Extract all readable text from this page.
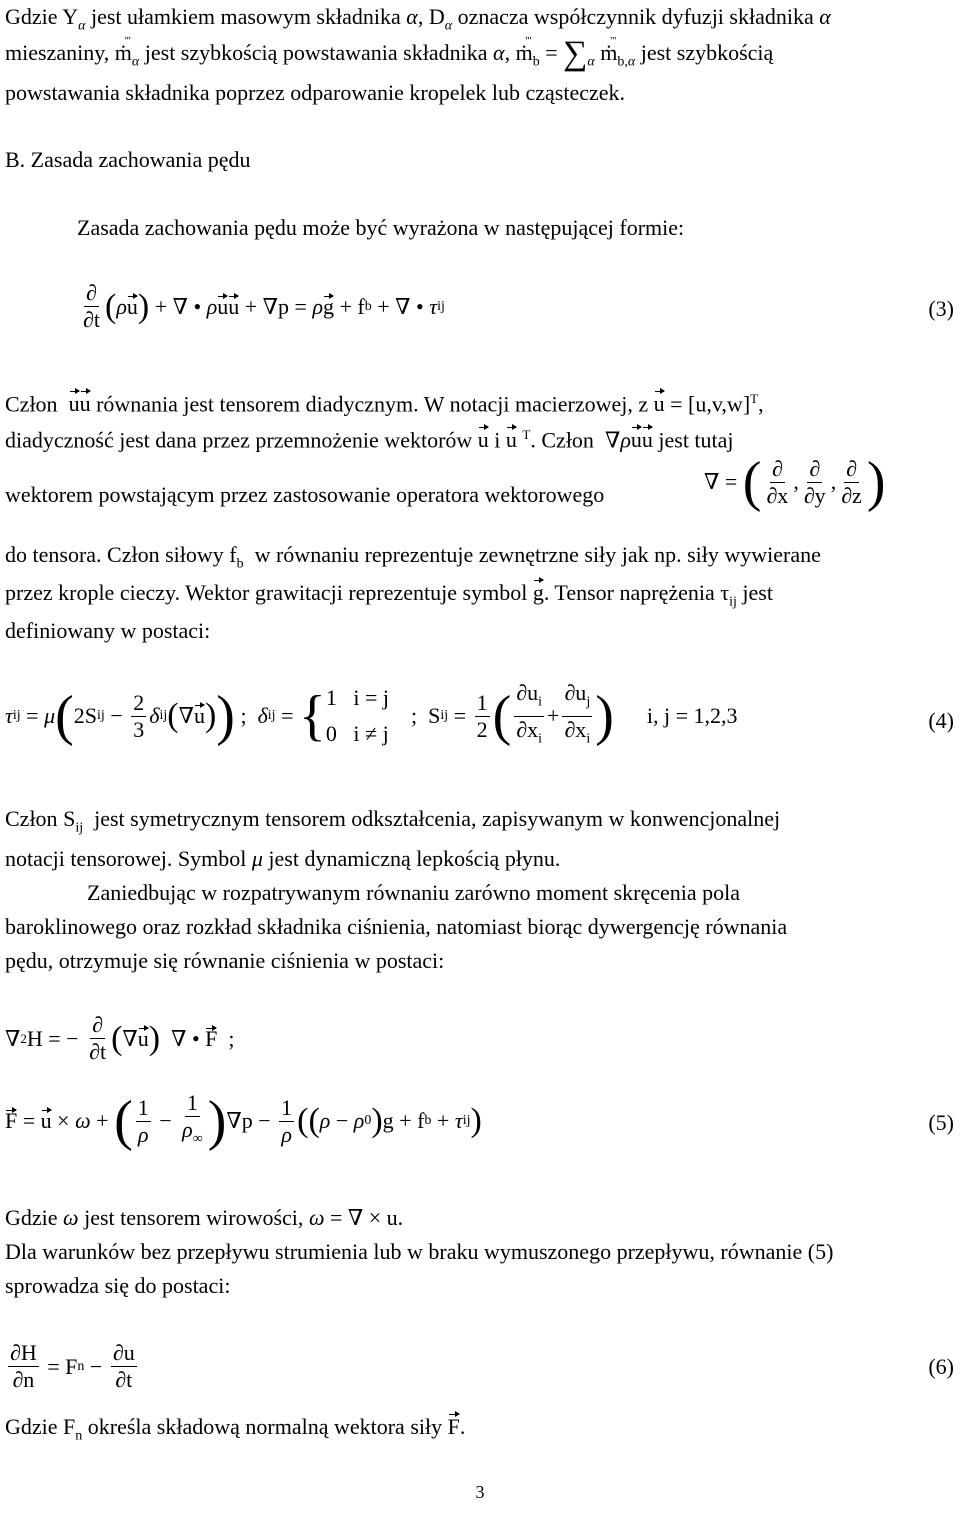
Gdzie $Y_\alpha$ jest ułamkiem masowym składnika α, $D_\alpha$ oznacza współczynnik dyfuzji składnika α
mieszaniny, ''' ṁ$_\alpha$ jest szybkością powstawania składnika α, ''' ṁ$_b$ = $\sum_\alpha$ ''' ṁ$_{b,\alpha}$ jest szybkością
powstawania składnika poprzez odparowanie kropelek lub cząsteczek.
B. Zasada zachowania pędu
Zasada zachowania pędu może być wyrażona w następującej formie:
$\frac{\partial}{\partial t}$ ( ρ u ) + ∇ • ρ u u + ∇p = ρ g + f b + ∇ • τ ij	(3)
Człon  uu równania jest tensorem diadycznym. W notacji macierzowej, z $u = [u,v,w]^T$,
diadyczność jest dana przez przemnożenie wektorów u i u $^T$. Człon  ∇ρuu jest tutaj
wektorem powstającym przez zastosowanie operatora wektorowego
∇ = ( $\frac{\partial}{\partial x}$ , $\frac{\partial}{\partial y}$ , $\frac{\partial}{\partial z}$ )
do tensora. Człon siłowy $f_b$  w równaniu reprezentuje zewnętrzne siły jak np. siły wywierane
przez krople cieczy. Wektor grawitacji reprezentuje symbol g. Tensor naprężenia $\tau_{ij}$ jest
definiowany w postaci:
τ ij = μ ( 2S ij − $\frac{2}{3}$ δ ij ( ∇ u ) ) ; δ ij = { 1   i = j
0   i ≠ j
;  S ij = $\frac{1}{2}$ ( $\frac{\partial u_i}{\partial x_i} + \frac{\partial u_j}{\partial x_i}$ )
i, j = 1,2,3	(4)
Człon $S_{ij}$  jest symetrycznym tensorem odkształcenia, zapisywanym w konwencjonalnej
notacji tensorowej. Symbol μ jest dynamiczną lepkością płynu.
Zaniedbując w rozpatrywanym równaniu zarówno moment skręcenia pola
baroklinowego oraz rozkład składnika ciśnienia, natomiast biorąc dywergencję równania
pędu, otrzymuje się równanie ciśnienia w postaci:
∇ 2 H = − $\frac{\partial}{\partial t}$ ( ∇ u ) ∇ • F ;
F = u × ω + ( $\frac{1}{\rho} - \frac{1}{\rho_\infty}$ ) $\nabla p - \frac{1}{\rho}$ (( ρ − ρ 0 ) g + f b + τ ij )	(5)
Gdzie ω jest tensorem wirowości, ω = ∇ × u.
Dla warunków bez przepływu strumienia lub w braku wymuszonego przepływu, równanie (5)
sprowadza się do postaci:
$\frac{\partial H}{\partial n} = F$ $n - \frac{\partial u}{\partial t}$	(6)
Gdzie $F_n$ określa składową normalną wektora siły F.
3
